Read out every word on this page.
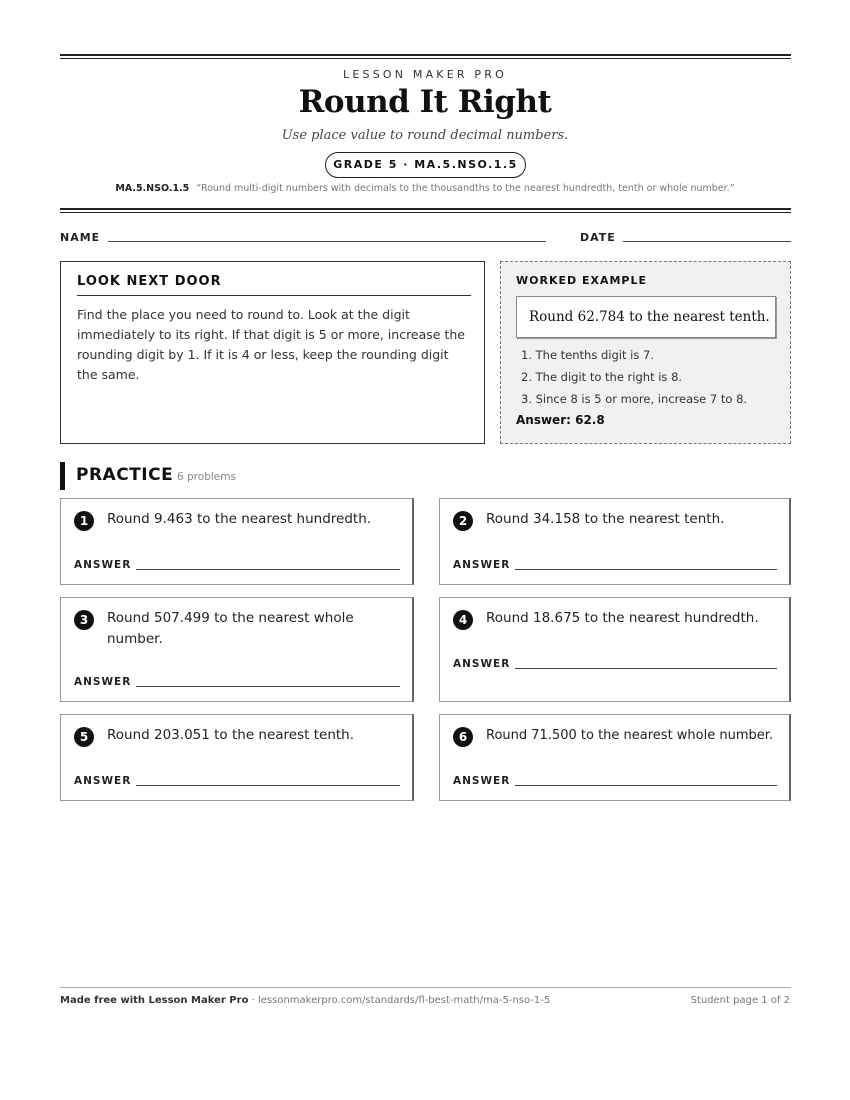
LESSON MAKER PRO
Round It Right
Use place value to round decimal numbers.
GRADE 5 · MA.5.NSO.1.5
MA.5.NSO.1.5 “Round multi-digit numbers with decimals to the thousandths to the nearest hundredth, tenth or whole number.”
NAME	DATE
LOOK NEXT DOOR
Find the place you need to round to. Look at the digit immediately to its right. If that digit is 5 or more, increase the rounding digit by 1. If it is 4 or less, keep the rounding digit the same.
WORKED EXAMPLE
Round 62.784 to the nearest tenth.
1. The tenths digit is 7.
2. The digit to the right is 8.
3. Since 8 is 5 or more, increase 7 to 8.
Answer: 62.8
PRACTICE 6 problems
1	Round 9.463 to the nearest hundredth.
ANSWER
2	Round 34.158 to the nearest tenth.
ANSWER
3	Round 507.499 to the nearest whole number.
ANSWER
4	Round 18.675 to the nearest hundredth.
ANSWER
5	Round 203.051 to the nearest tenth.
ANSWER
6	Round 71.500 to the nearest whole number.
ANSWER
Made free with Lesson Maker Pro · lessonmakerpro.com/standards/fl-best-math/ma-5-nso-1-5	Student page 1 of 2
